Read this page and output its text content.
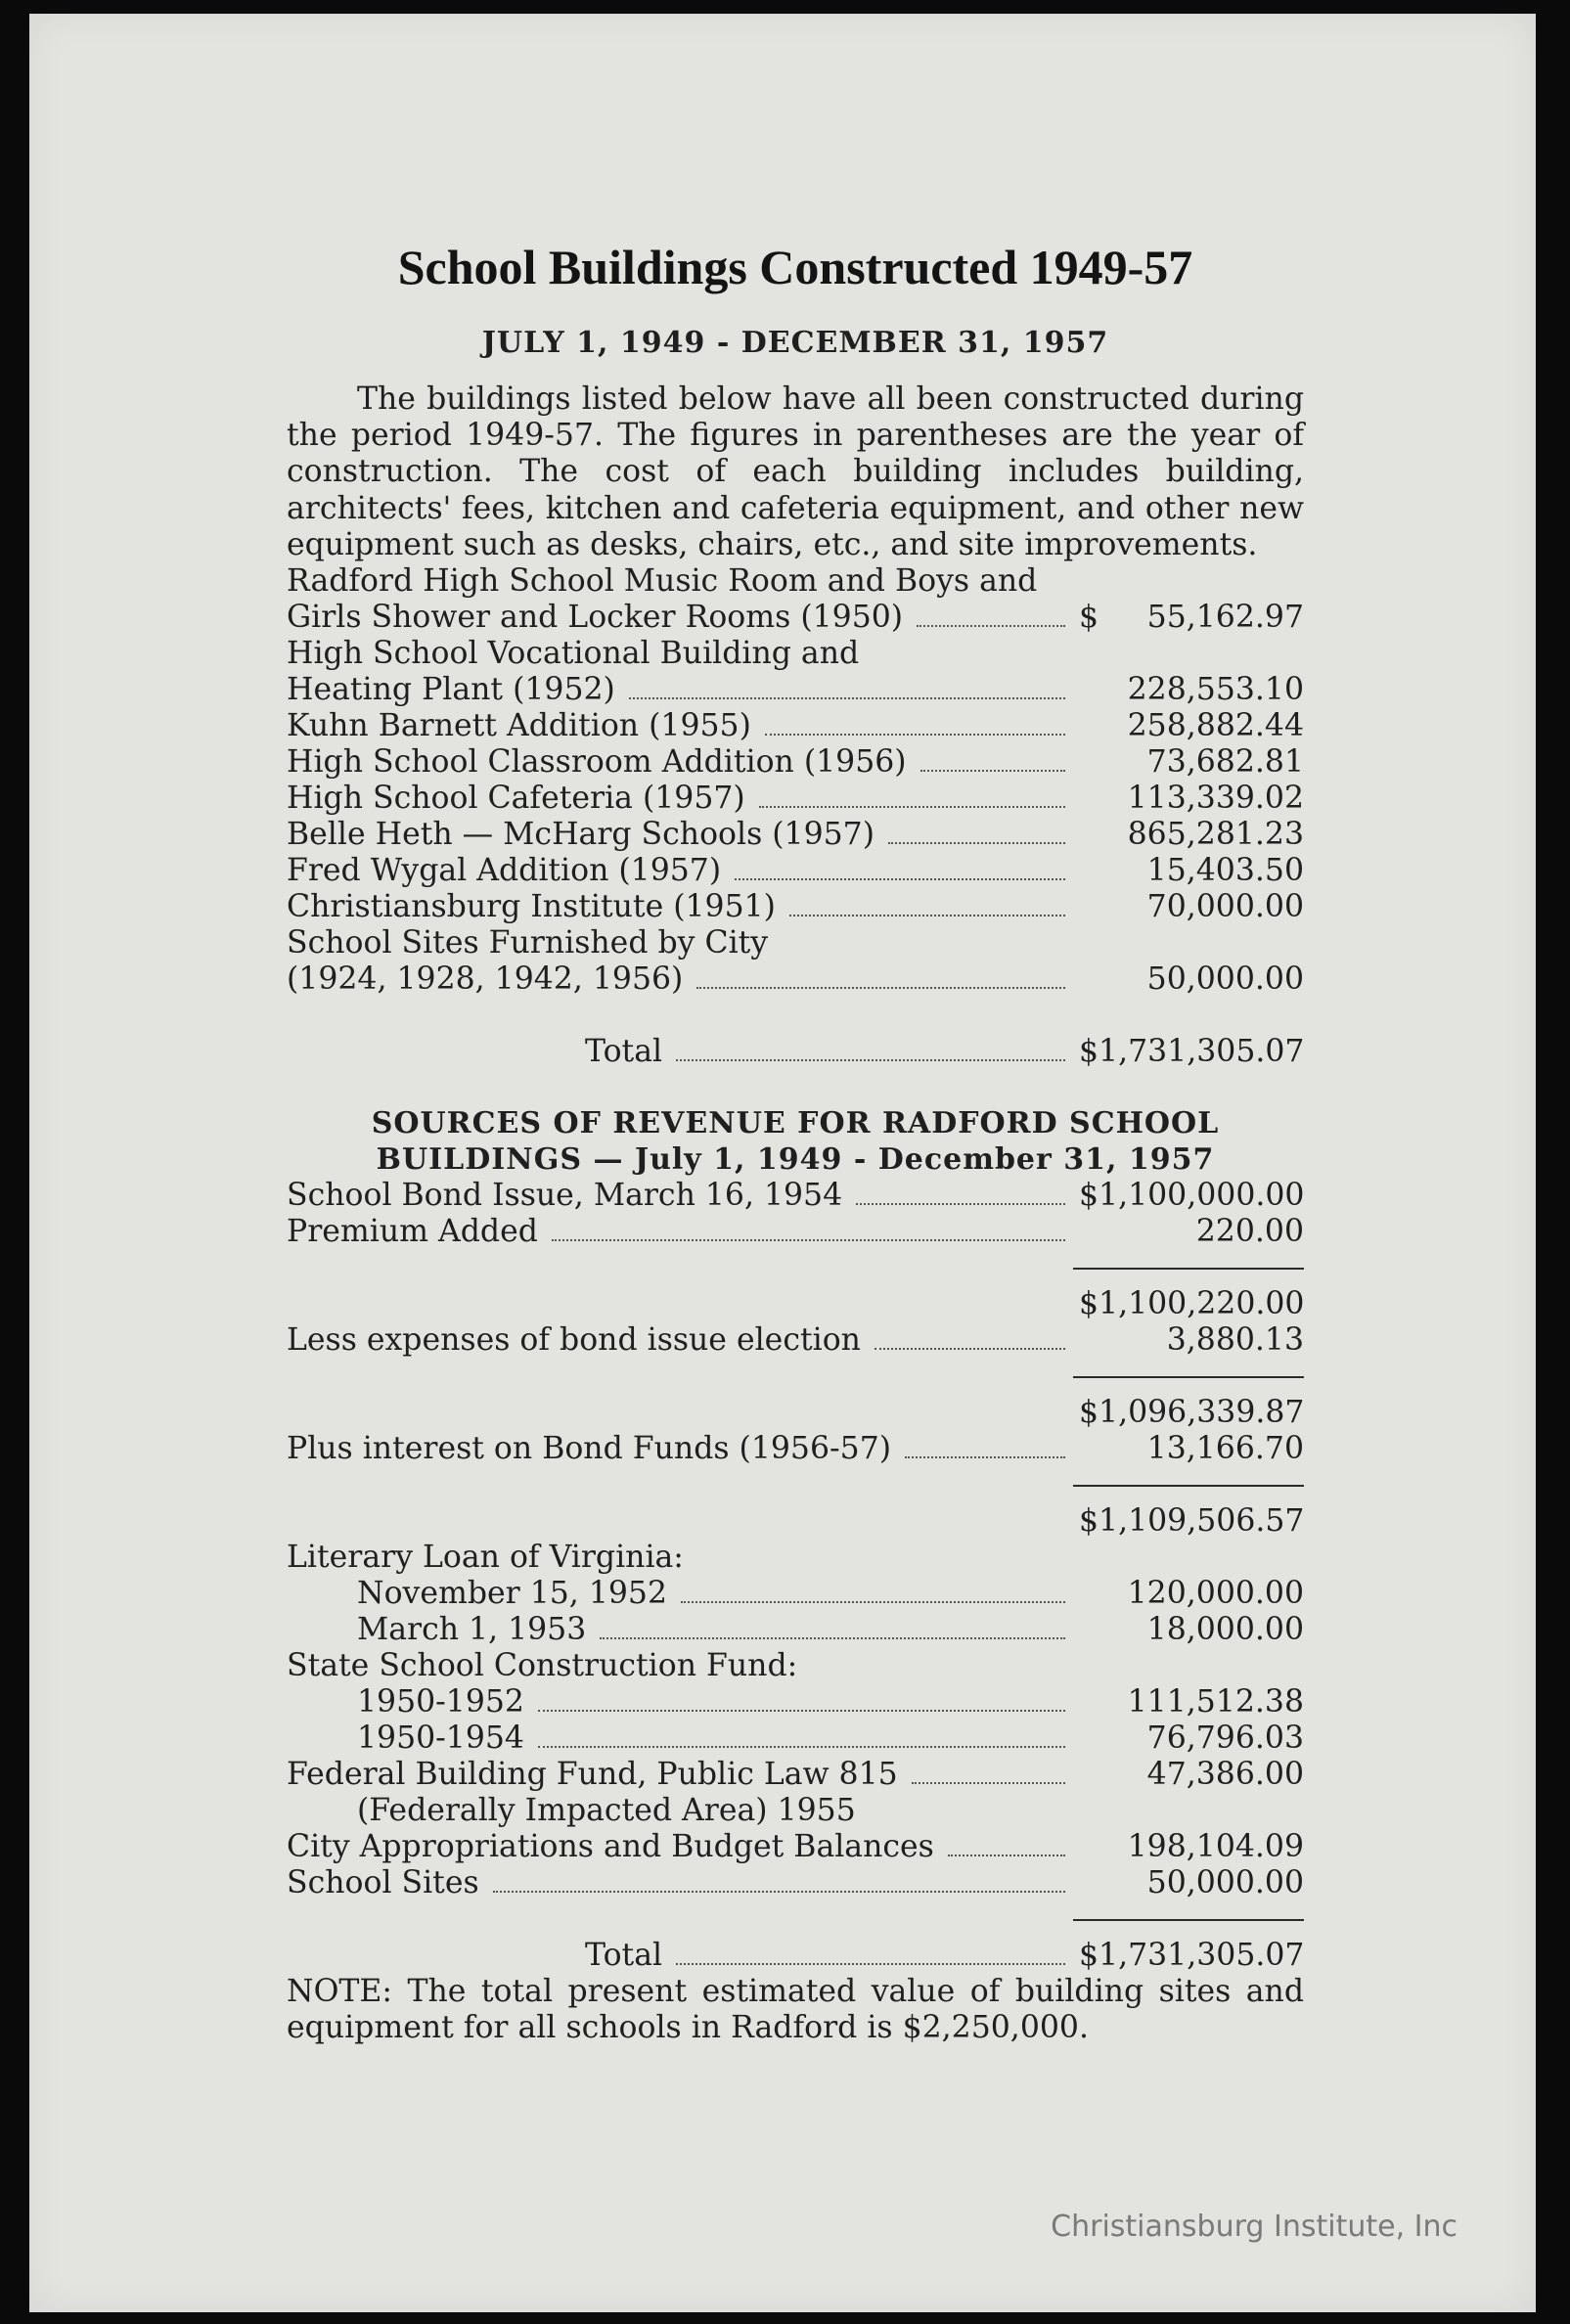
School Buildings Constructed 1949-57
JULY 1, 1949 - DECEMBER 31, 1957

The buildings listed below have all been constructed during the period 1949-57. The figures in parentheses are the year of construction. The cost of each building includes building, architects' fees, kitchen and cafeteria equipment, and other new equipment such as desks, chairs, etc., and site improvements.

Radford High School Music Room and Boys and
Girls Shower and Locker Rooms (1950)	$	55,162.97
High School Vocational Building and
Heating Plant (1952)	228,553.10
Kuhn Barnett Addition (1955)	258,882.44
High School Classroom Addition (1956)	73,682.81
High School Cafeteria (1957)	113,339.02
Belle Heth — McHarg Schools (1957)	865,281.23
Fred Wygal Addition (1957)	15,403.50
Christiansburg Institute (1951)	70,000.00
School Sites Furnished by City
(1924, 1928, 1942, 1956)	50,000.00
Total	$1,731,305.07
SOURCES OF REVENUE FOR RADFORD SCHOOL
BUILDINGS — July 1, 1949 - December 31, 1957
School Bond Issue, March 16, 1954	$1,100,000.00
Premium Added	220.00
$1,100,220.00
Less expenses of bond issue election	3,880.13
$1,096,339.87
Plus interest on Bond Funds (1956-57)	13,166.70
$1,109,506.57
Literary Loan of Virginia:
November 15, 1952	120,000.00
March 1, 1953	18,000.00
State School Construction Fund:
1950-1952	111,512.38
1950-1954	76,796.03
Federal Building Fund, Public Law 815	47,386.00
(Federally Impacted Area) 1955
City Appropriations and Budget Balances	198,104.09
School Sites	50,000.00
Total	$1,731,305.07

NOTE: The total present estimated value of building sites and equipment for all schools in Radford is $2,250,000.

Christiansburg Institute, Inc
